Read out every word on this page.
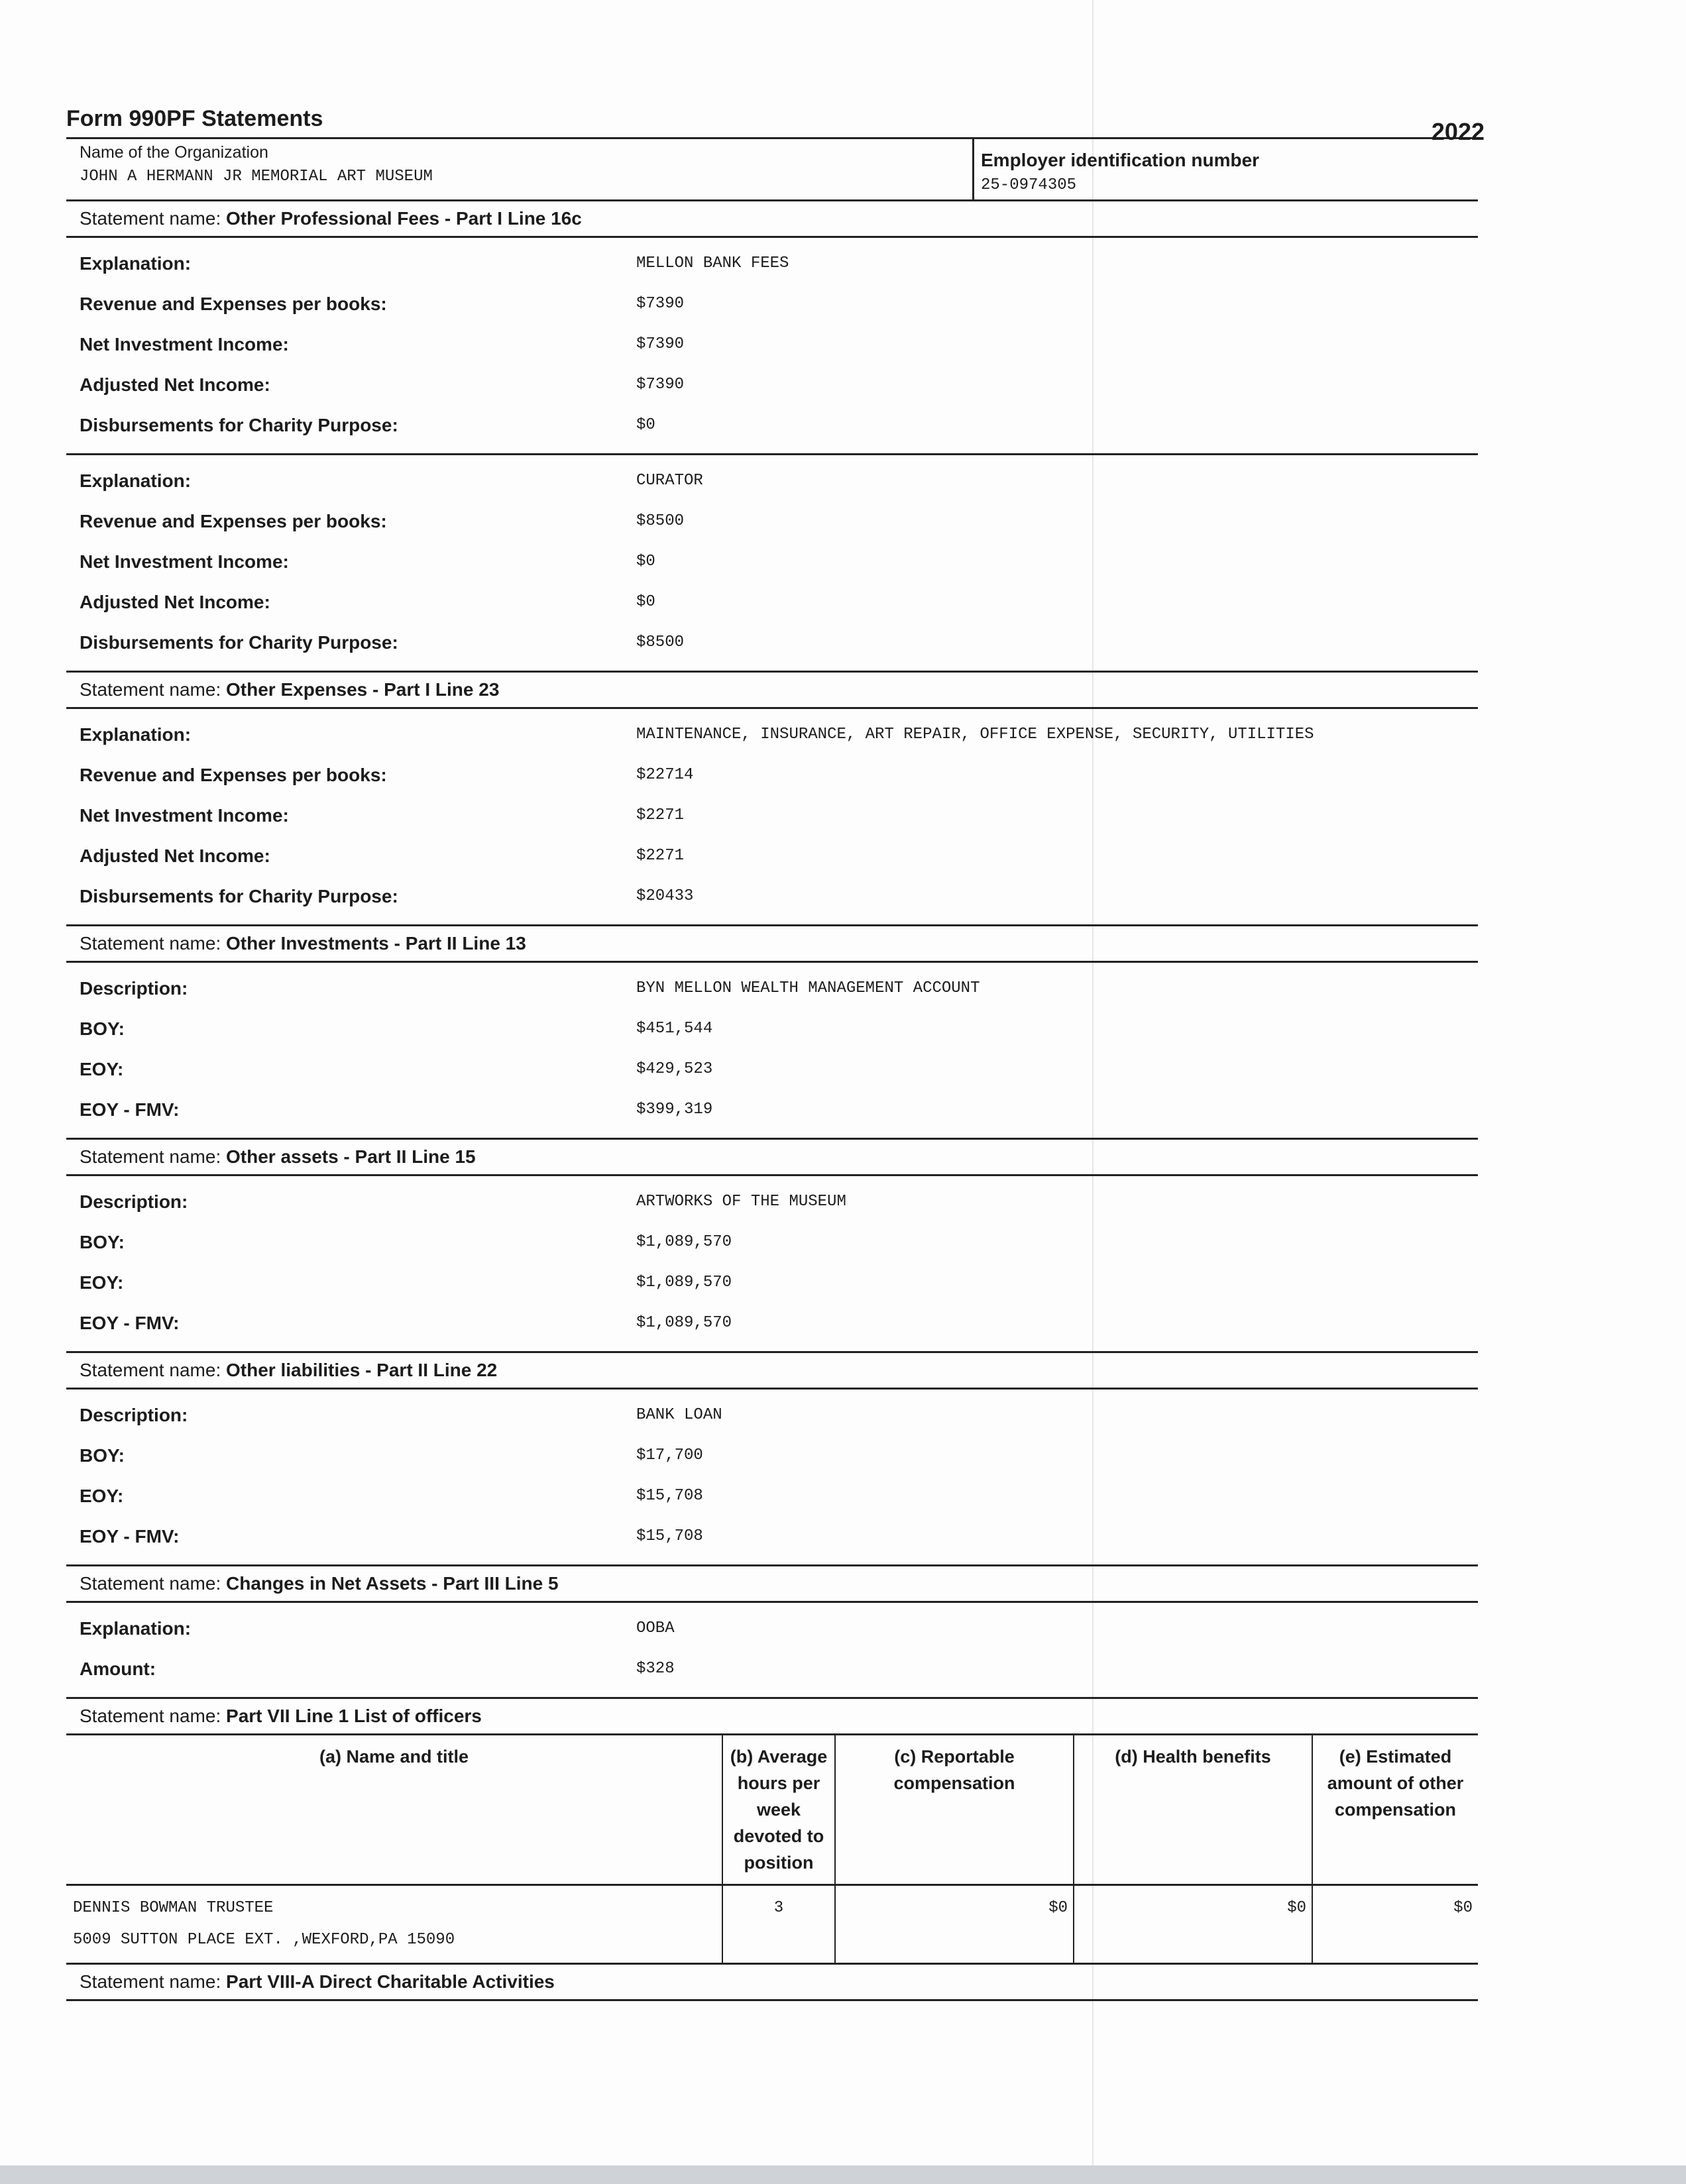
Form 990PF Statements	2022
Name of the Organization
JOHN A HERMANN JR MEMORIAL ART MUSEUM
Employer identification number
25-0974305
Statement name: Other Professional Fees - Part I Line 16c
Explanation:	MELLON BANK FEES
Revenue and Expenses per books:	$7390
Net Investment Income:	$7390
Adjusted Net Income:	$7390
Disbursements for Charity Purpose:	$0
Explanation:	CURATOR
Revenue and Expenses per books:	$8500
Net Investment Income:	$0
Adjusted Net Income:	$0
Disbursements for Charity Purpose:	$8500
Statement name: Other Expenses - Part I Line 23
Explanation:	MAINTENANCE, INSURANCE, ART REPAIR, OFFICE EXPENSE, SECURITY, UTILITIES
Revenue and Expenses per books:	$22714
Net Investment Income:	$2271
Adjusted Net Income:	$2271
Disbursements for Charity Purpose:	$20433
Statement name: Other Investments - Part II Line 13
Description:	BYN MELLON WEALTH MANAGEMENT ACCOUNT
BOY:	$451,544
EOY:	$429,523
EOY - FMV:	$399,319
Statement name: Other assets - Part II Line 15
Description:	ARTWORKS OF THE MUSEUM
BOY:	$1,089,570
EOY:	$1,089,570
EOY - FMV:	$1,089,570
Statement name: Other liabilities - Part II Line 22
Description:	BANK LOAN
BOY:	$17,700
EOY:	$15,708
EOY - FMV:	$15,708
Statement name: Changes in Net Assets - Part III Line 5
Explanation:	OOBA
Amount:	$328
Statement name: Part VII Line 1 List of officers
(a) Name and title	(b) Average hours per week devoted to position	(c) Reportable compensation	(d) Health benefits	(e) Estimated amount of other compensation

DENNIS BOWMAN TRUSTEE
5009 SUTTON PLACE EXT. ,WEXFORD,PA 15090	3	$0	$0	$0
Statement name: Part VIII-A Direct Charitable Activities
